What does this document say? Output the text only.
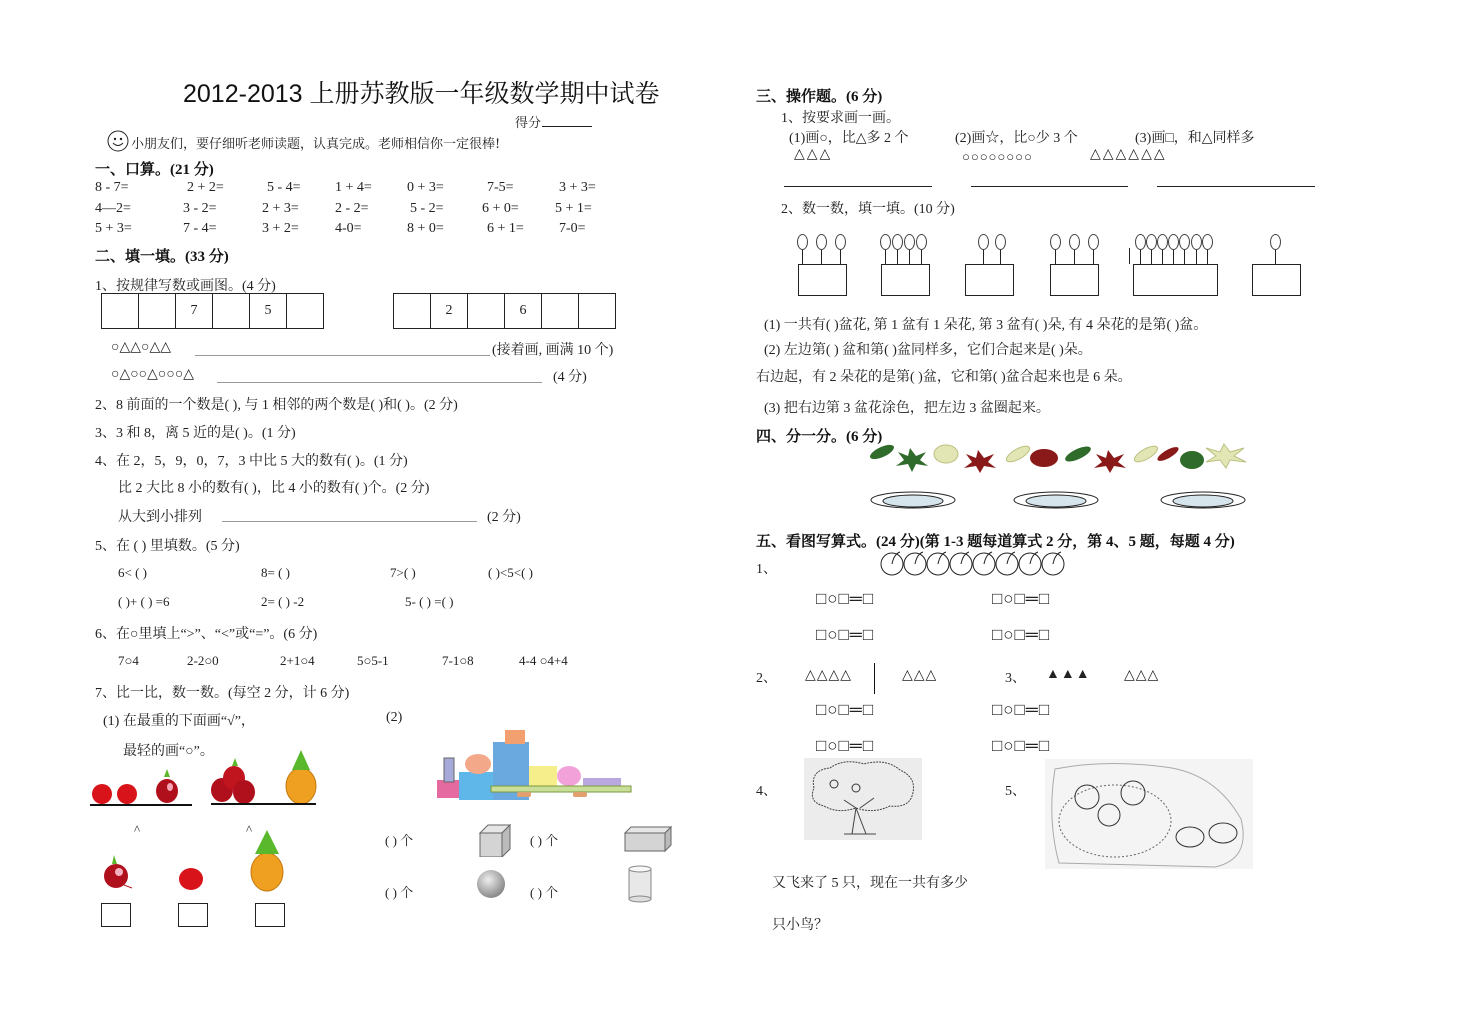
2012-2013 上册苏教版一年级数学期中试卷
得分
小朋友们，要仔细听老师读题，认真完成。老师相信你一定很棒!
一、口算。(21 分)
8 - 7=	2 + 2=	5 - 4= 1 + 4=	0 + 3=	7-5=	3 + 3=
4—2=	3 - 2=	2 + 3=	2 - 2=	5 - 2=	6 + 0=	5 + 1=
5 + 3=	7 - 4=	3 + 2=	4-0=	8 + 0=	6 + 1=	7-0=
二、填一填。(33 分)
1、按规律写数或画图。(4 分)
7	5	2	6
○△△○△△	(接着画, 画满 10 个)
○△○○△○○○△	(4 分)
2、8 前面的一个数是( ), 与 1 相邻的两个数是( )和( )。(2 分)
3、3 和 8，离 5 近的是( )。(1 分)
4、在 2，5，9，0，7，3 中比 5 大的数有( )。(1 分)
比 2 大比 8 小的数有( )，比 4 小的数有( )个。(2 分)
从大到小排列	(2 分)
5、在 ( ) 里填数。(5 分)
6< ( )	8= ( )	7>( )	( )<5<( )
( )+ ( ) =6	2= ( ) -2	5- ( ) =( )
6、在○里填上“>”、“<”或“=”。(6 分)
7○4	2-2○0	2+1○4	5○5-1	7-1○8	4-4 ○4+4
7、比一比，数一数。(每空 2 分，计 6 分)
(1) 在最重的下面画“√”，
最轻的画“○”。
(2)
^	^
( ) 个	( ) 个
( ) 个	( ) 个
三、操作题。(6 分)
1、按要求画一画。
(1)画○，比△多 2 个
△△△
(2)画☆，比○少 3 个
○○○○○○○○
(3)画□，和△同样多
△△△△△△
2、数一数，填一填。(10 分)
(1) 一共有( )盆花, 第 1 盆有 1 朵花, 第 3 盆有( )朵, 有 4 朵花的是第( )盆。
(2) 左边第( ) 盆和第( )盆同样多，它们合起来是( )朵。
右边起，有 2 朵花的是第( )盆，它和第( )盆合起来也是 6 朵。
(3) 把右边第 3 盆花涂色，把左边 3 盆圈起来。
四、分一分。(6 分)
五、看图写算式。(24 分)(第 1-3 题每道算式 2 分，第 4、5 题，每题 4 分)
1、
□○□═□	□○□═□
□○□═□	□○□═□
2、 △△△△	△△△	3、 ▲▲▲ △△△
□○□═□	□○□═□
□○□═□	□○□═□
4、	5、
又飞来了 5 只，现在一共有多少
只小鸟？
